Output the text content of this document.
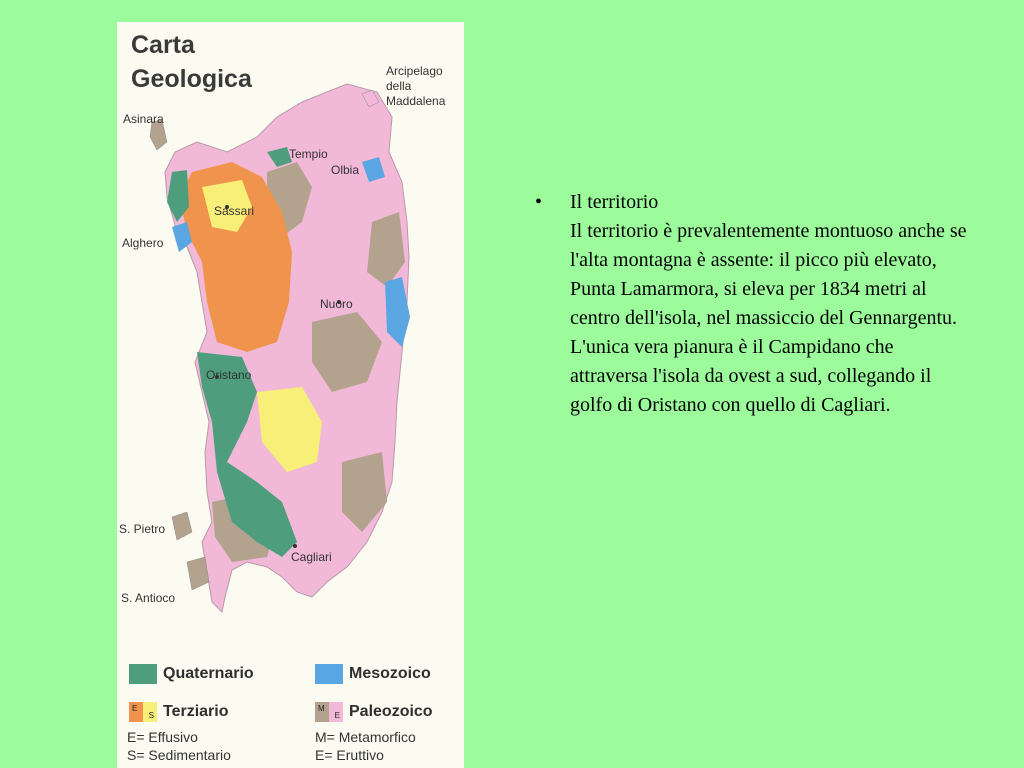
Carta
Geologica	Arcipelago
della
Maddalena
Asinara
Tempio
Olbia
Sassari
Alghero
Nuoro
Oristano
S. Pietro
Cagliari
S. Antioco
Quaternario	Mesozoico
E
S Terziario	M
E Paleozoico
E= Effusivo
S= Sedimentario
M= Metamorfico
E= Eruttivo
•	Il territorio
Il territorio è prevalentemente montuoso anche se l'alta montagna è assente: il picco più elevato, Punta Lamarmora, si eleva per 1834 metri al centro dell'isola, nel massiccio del Gennargentu.
L'unica vera pianura è il Campidano che attraversa l'isola da ovest a sud, collegando il golfo di Oristano con quello di Cagliari.
